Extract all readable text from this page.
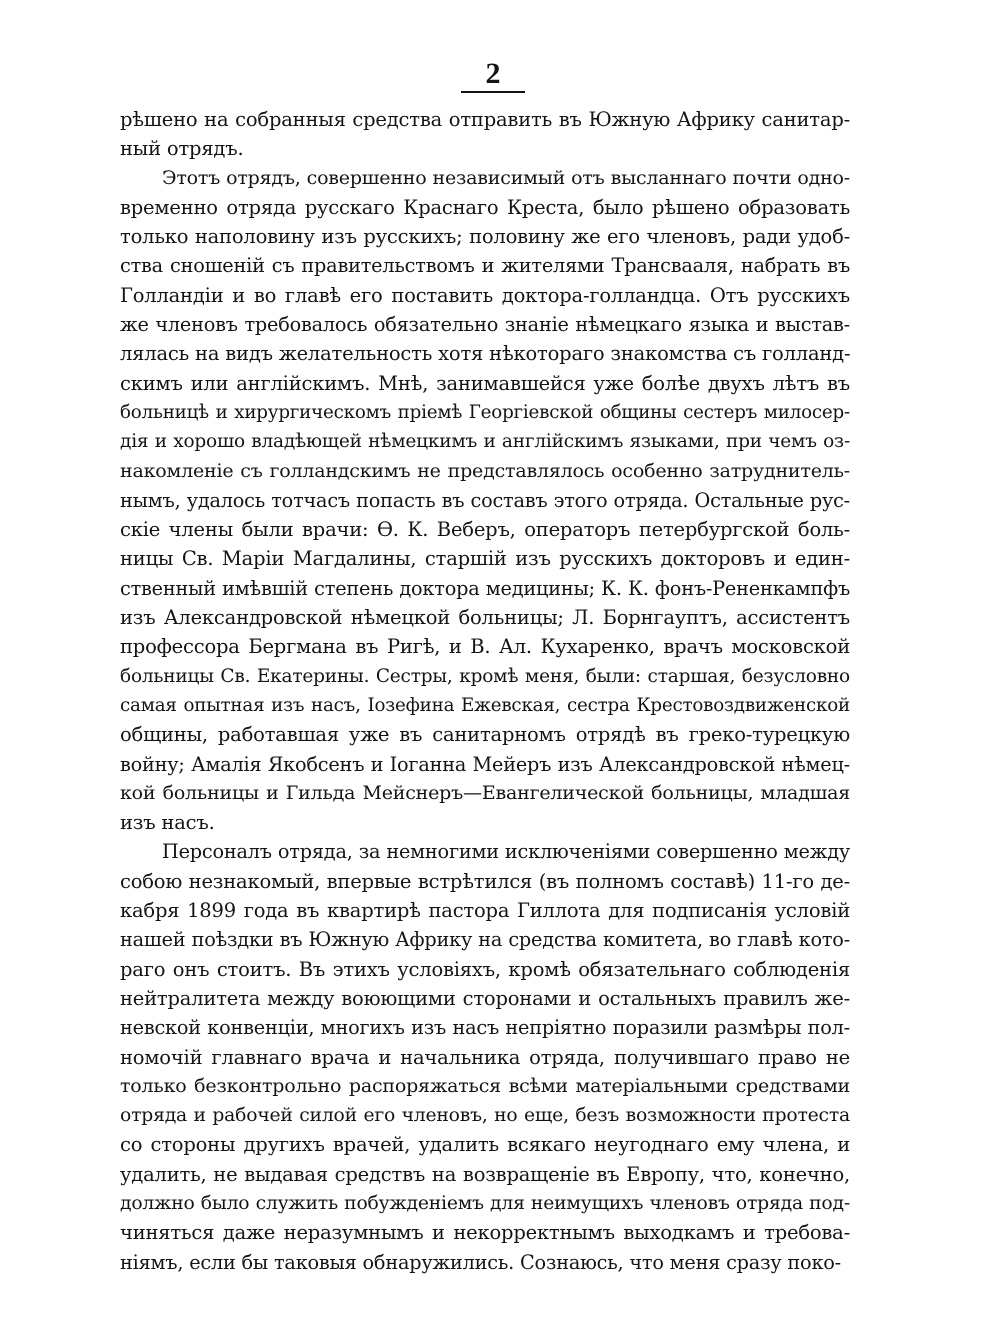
2
рѣшено на собранныя средства отправить въ Южную Африку санитар-
ный отрядъ.
Этотъ отрядъ, совершенно независимый отъ высланнаго почти одно-
временно отряда русскаго Краснаго Креста, было рѣшено образовать
только наполовину изъ русскихъ; половину же его членовъ, ради удоб-
ства сношеній съ правительствомъ и жителями Трансвааля, набрать въ
Голландіи и во главѣ его поставить доктора-голландца. Отъ русскихъ
же членовъ требовалось обязательно знаніе нѣмецкаго языка и выстав-
лялась на видъ желательность хотя нѣкотораго знакомства съ голланд-
скимъ или англійскимъ. Мнѣ, занимавшейся уже болѣе двухъ лѣтъ въ
больницѣ и хирургическомъ пріемѣ Георгіевской общины сестеръ милосер-
дія и хорошо владѣющей нѣмецкимъ и англійскимъ языками, при чемъ оз-
накомленіе съ голландскимъ не представлялось особенно затруднитель-
нымъ, удалось тотчасъ попасть въ составъ этого отряда. Остальные рус-
скіе члены были врачи: Ѳ. К. Веберъ, операторъ петербургской боль-
ницы Св. Маріи Магдалины, старшій изъ русскихъ докторовъ и един-
ственный имѣвшій степень доктора медицины; К. К. фонъ-Рененкампфъ
изъ Александровской нѣмецкой больницы; Л. Борнгауптъ, ассистентъ
профессора Бергмана въ Ригѣ, и В. Ал. Кухаренко, врачъ московской
больницы Св. Екатерины. Сестры, кромѣ меня, были: старшая, безусловно
самая опытная изъ насъ, Іозефина Ежевская, сестра Крестовоздвиженской
общины, работавшая уже въ санитарномъ отрядѣ въ греко-турецкую
войну; Амалія Якобсенъ и Іоганна Мейеръ изъ Александровской нѣмец-
кой больницы и Гильда Мейснеръ—Евангелической больницы, младшая
изъ насъ.
Персоналъ отряда, за немногими исключеніями совершенно между
собою незнакомый, впервые встрѣтился (въ полномъ составѣ) 11-го де-
кабря 1899 года въ квартирѣ пастора Гиллота для подписанія условій
нашей поѣздки въ Южную Африку на средства комитета, во главѣ кото-
раго онъ стоитъ. Въ этихъ условіяхъ, кромѣ обязательнаго соблюденія
нейтралитета между воюющими сторонами и остальныхъ правилъ же-
невской конвенціи, многихъ изъ насъ непріятно поразили размѣры пол-
номочій главнаго врача и начальника отряда, получившаго право не
только безконтрольно распоряжаться всѣми матеріальными средствами
отряда и рабочей силой его членовъ, но еще, безъ возможности протеста
со стороны другихъ врачей, удалить всякаго неугоднаго ему члена, и
удалить, не выдавая средствъ на возвращеніе въ Европу, что, конечно,
должно было служить побужденіемъ для неимущихъ членовъ отряда под-
чиняться даже неразумнымъ и некорректнымъ выходкамъ и требова-
ніямъ, если бы таковыя обнаружились. Сознаюсь, что меня сразу поко-
